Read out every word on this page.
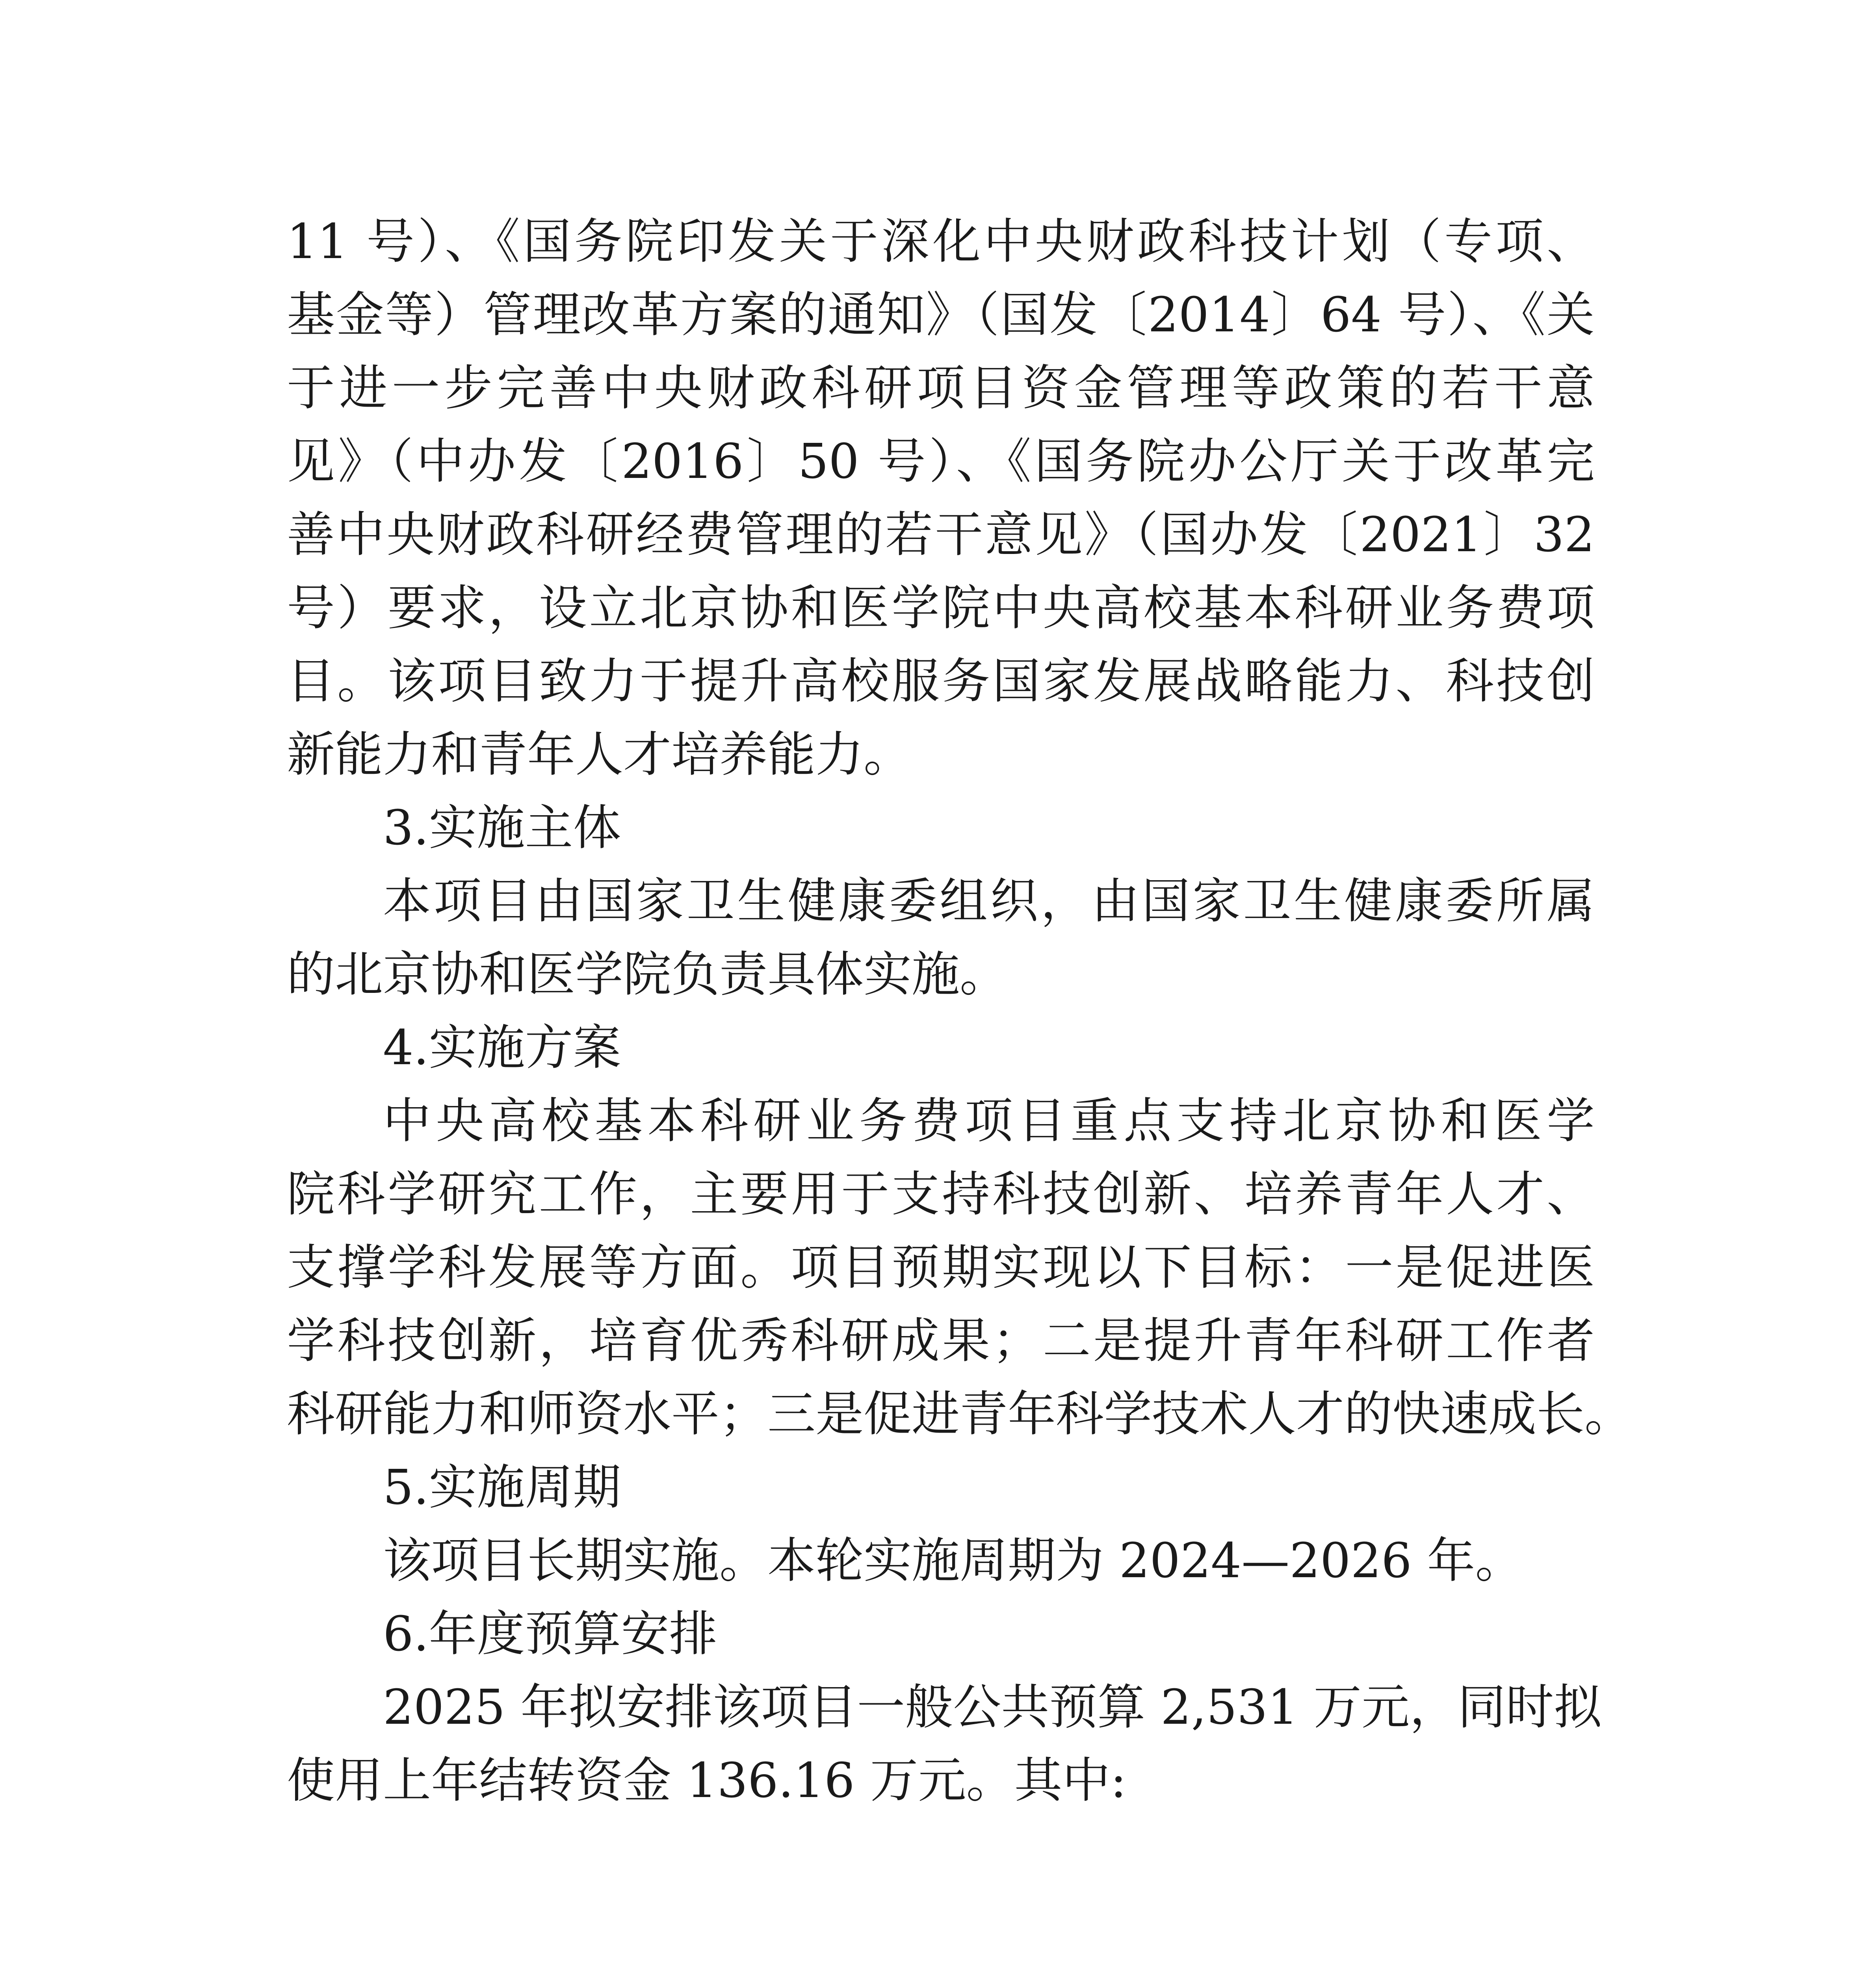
11 号）、《国务院印发关于深化中央财政科技计划（专项、
基金等）管理改革方案的通知》（国发〔2014〕64 号）、《关
于进一步完善中央财政科研项目资金管理等政策的若干意
见》（中办发〔2016〕50 号）、《国务院办公厅关于改革完
善中央财政科研经费管理的若干意见》（国办发〔2021〕32
号）要求，设立北京协和医学院中央高校基本科研业务费项
目。该项目致力于提升高校服务国家发展战略能力、科技创
新能力和青年人才培养能力。
3.实施主体
本项目由国家卫生健康委组织，由国家卫生健康委所属
的北京协和医学院负责具体实施。
4.实施方案
中央高校基本科研业务费项目重点支持北京协和医学
院科学研究工作，主要用于支持科技创新、培养青年人才、
支撑学科发展等方面。项目预期实现以下目标：一是促进医
学科技创新，培育优秀科研成果；二是提升青年科研工作者
科研能力和师资水平；三是促进青年科学技术人才的快速成长。
5.实施周期
该项目长期实施。本轮实施周期为 2024—2026 年。
6.年度预算安排
2025 年拟安排该项目一般公共预算 2,531 万元，同时拟
使用上年结转资金 136.16 万元。其中:
